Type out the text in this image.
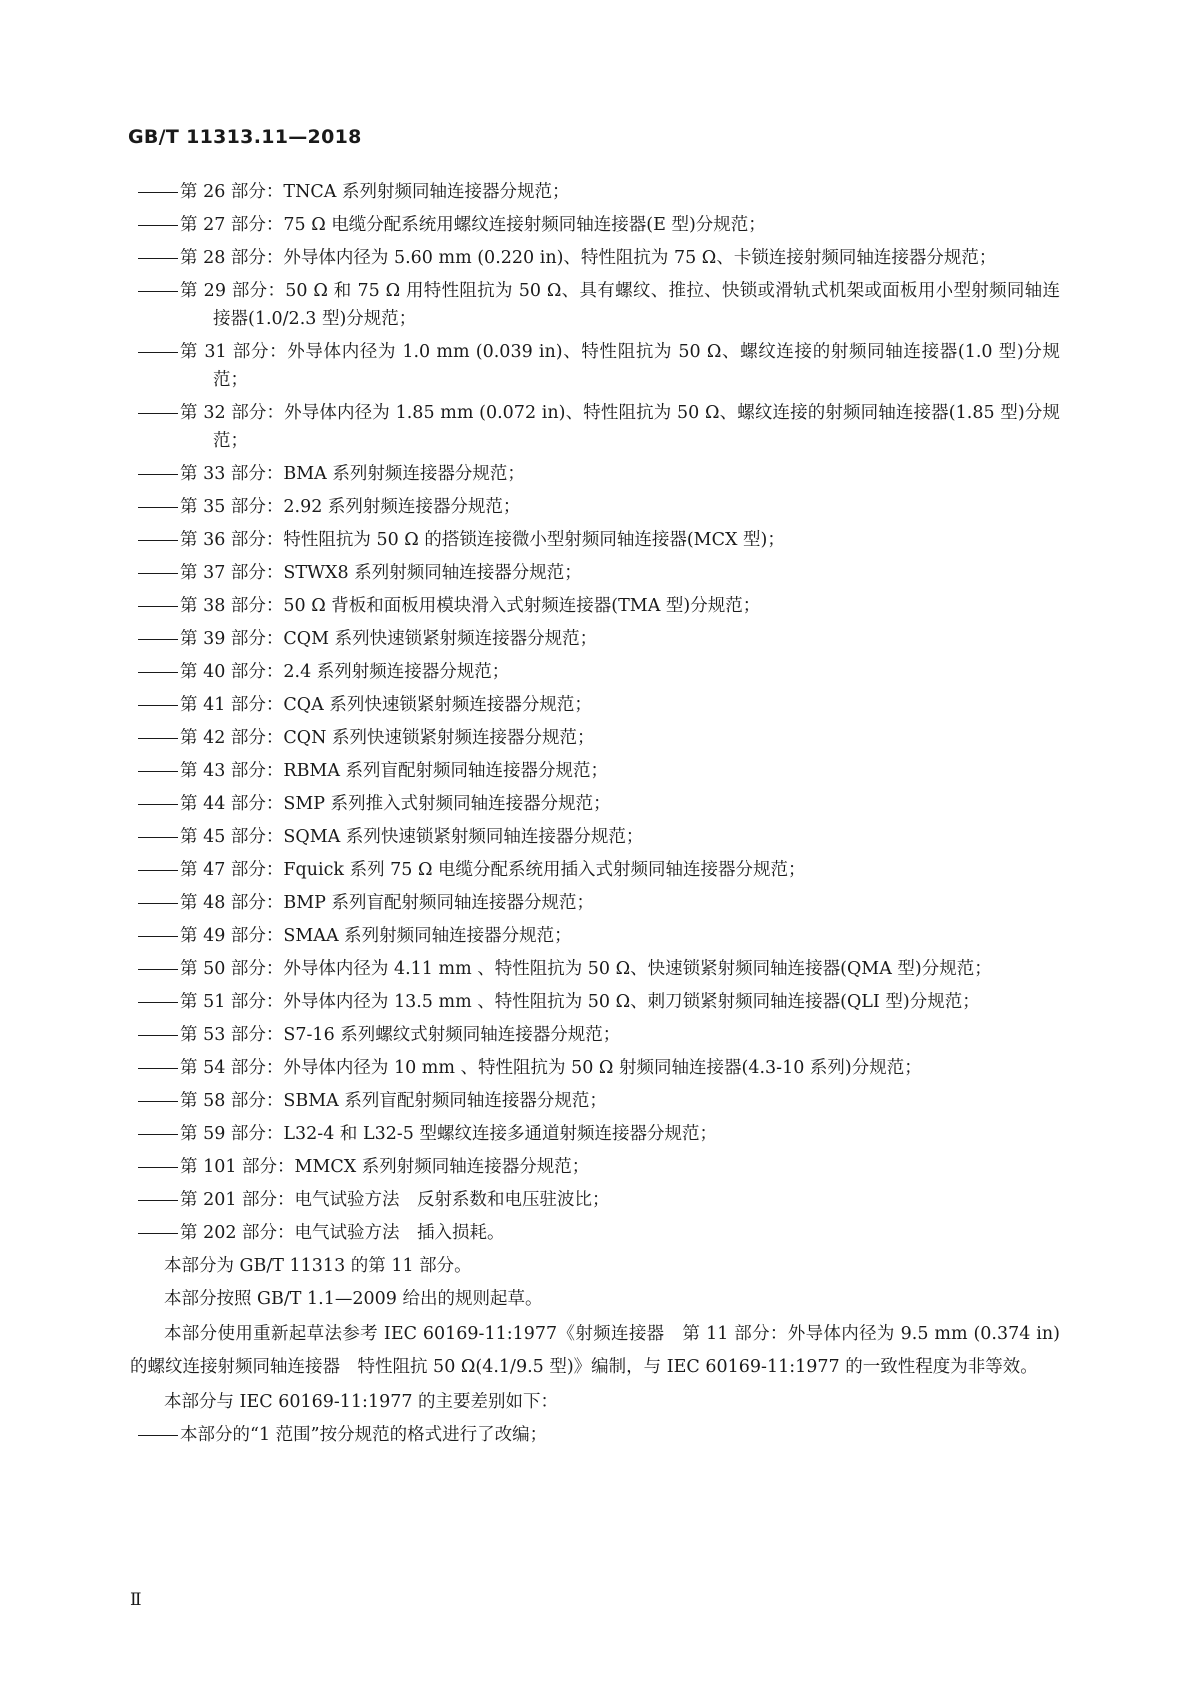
GB/T 11313.11—2018
第 26 部分：TNCA 系列射频同轴连接器分规范；
第 27 部分：75 Ω 电缆分配系统用螺纹连接射频同轴连接器(E 型)分规范；
第 28 部分：外导体内径为 5.60 mm (0.220 in)、特性阻抗为 75 Ω、卡锁连接射频同轴连接器分规范；
第 29 部分：50 Ω 和 75 Ω 用特性阻抗为 50 Ω、具有螺纹、推拉、快锁或滑轨式机架或面板用小型射频同轴连接器(1.0/2.3 型)分规范；
第 31 部分：外导体内径为 1.0 mm (0.039 in)、特性阻抗为 50 Ω、螺纹连接的射频同轴连接器(1.0 型)分规范；
第 32 部分：外导体内径为 1.85 mm (0.072 in)、特性阻抗为 50 Ω、螺纹连接的射频同轴连接器(1.85 型)分规范；
第 33 部分：BMA 系列射频连接器分规范；
第 35 部分：2.92 系列射频连接器分规范；
第 36 部分：特性阻抗为 50 Ω 的搭锁连接微小型射频同轴连接器(MCX 型)；
第 37 部分：STWX8 系列射频同轴连接器分规范；
第 38 部分：50 Ω 背板和面板用模块滑入式射频连接器(TMA 型)分规范；
第 39 部分：CQM 系列快速锁紧射频连接器分规范；
第 40 部分：2.4 系列射频连接器分规范；
第 41 部分：CQA 系列快速锁紧射频连接器分规范；
第 42 部分：CQN 系列快速锁紧射频连接器分规范；
第 43 部分：RBMA 系列盲配射频同轴连接器分规范；
第 44 部分：SMP 系列推入式射频同轴连接器分规范；
第 45 部分：SQMA 系列快速锁紧射频同轴连接器分规范；
第 47 部分：Fquick 系列 75 Ω 电缆分配系统用插入式射频同轴连接器分规范；
第 48 部分：BMP 系列盲配射频同轴连接器分规范；
第 49 部分：SMAA 系列射频同轴连接器分规范；
第 50 部分：外导体内径为 4.11 mm 、特性阻抗为 50 Ω、快速锁紧射频同轴连接器(QMA 型)分规范；
第 51 部分：外导体内径为 13.5 mm 、特性阻抗为 50 Ω、刺刀锁紧射频同轴连接器(QLI 型)分规范；
第 53 部分：S7-16 系列螺纹式射频同轴连接器分规范；
第 54 部分：外导体内径为 10 mm 、特性阻抗为 50 Ω 射频同轴连接器(4.3-10 系列)分规范；
第 58 部分：SBMA 系列盲配射频同轴连接器分规范；
第 59 部分：L32-4 和 L32-5 型螺纹连接多通道射频连接器分规范；
第 101 部分：MMCX 系列射频同轴连接器分规范；
第 201 部分：电气试验方法　反射系数和电压驻波比；
第 202 部分：电气试验方法　插入损耗。
本部分为 GB/T 11313 的第 11 部分。
本部分按照 GB/T 1.1—2009 给出的规则起草。
本部分使用重新起草法参考 IEC 60169-11:1977《射频连接器　第 11 部分：外导体内径为 9.5 mm (0.374 in)的螺纹连接射频同轴连接器　特性阻抗 50 Ω(4.1/9.5 型)》编制，与 IEC 60169-11:1977 的一致性程度为非等效。
本部分与 IEC 60169-11:1977 的主要差别如下：
本部分的“1 范围”按分规范的格式进行了改编；
Ⅱ
